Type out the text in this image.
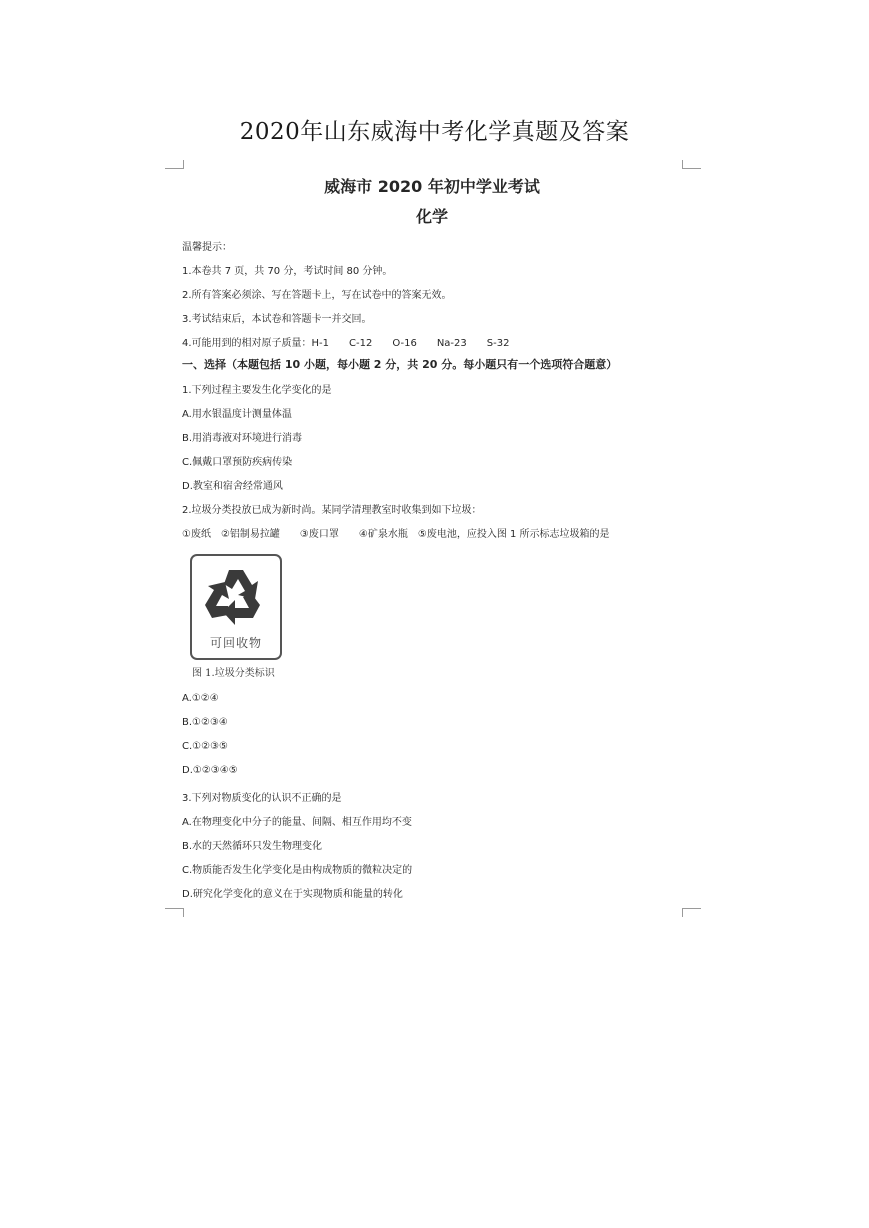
2020年山东威海中考化学真题及答案
威海市 2020 年初中学业考试
化学
温馨提示：
1.本卷共 7 页，共 70 分，考试时间 80 分钟。
2.所有答案必须涂、写在答题卡上，写在试卷中的答案无效。
3.考试结束后，本试卷和答题卡一并交回。
4.可能用到的相对原子质量：H-1　　C-12　　O-16　　Na-23　　S-32
一、选择（本题包括 10 小题，每小题 2 分，共 20 分。每小题只有一个选项符合题意）
1.下列过程主要发生化学变化的是
A.用水银温度计测量体温
B.用消毒液对环境进行消毒
C.佩戴口罩预防疾病传染
D.教室和宿舍经常通风
2.垃圾分类投放已成为新时尚。某同学清理教室时收集到如下垃圾：
①废纸　②铝制易拉罐　　③废口罩　　④矿泉水瓶　⑤废电池，应投入图 1 所示标志垃圾箱的是
可回收物
图 1.垃圾分类标识
A.①②④
B.①②③④
C.①②③⑤
D.①②③④⑤
3.下列对物质变化的认识不正确的是
A.在物理变化中分子的能量、间隔、相互作用均不变
B.水的天然循环只发生物理变化
C.物质能否发生化学变化是由构成物质的微粒决定的
D.研究化学变化的意义在于实现物质和能量的转化
